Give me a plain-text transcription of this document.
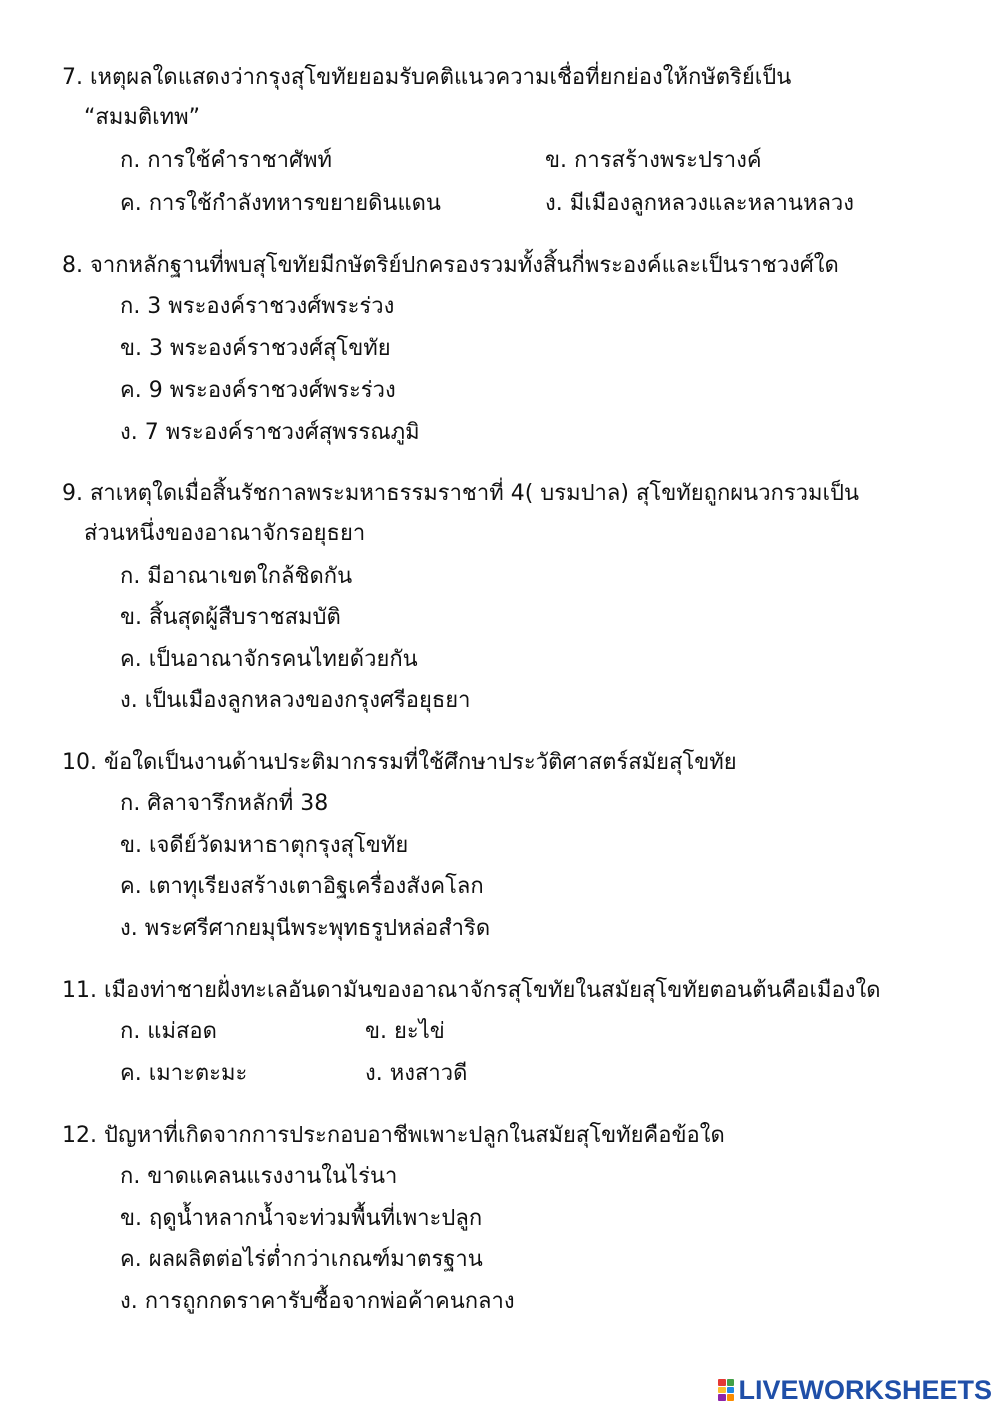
7. เหตุผลใดแสดงว่ากรุงสุโขทัยยอมรับคติแนวความเชื่อที่ยกย่องให้กษัตริย์เป็น
“สมมติเทพ”
ก. การใช้คำราชาศัพท์	ข. การสร้างพระปรางค์
ค. การใช้กำลังทหารขยายดินแดน	ง. มีเมืองลูกหลวงและหลานหลวง
8. จากหลักฐานที่พบสุโขทัยมีกษัตริย์ปกครองรวมทั้งสิ้นกี่พระองค์และเป็นราชวงศ์ใด
ก. 3 พระองค์ราชวงศ์พระร่วง
ข. 3 พระองค์ราชวงศ์สุโขทัย
ค. 9 พระองค์ราชวงศ์พระร่วง
ง. 7 พระองค์ราชวงศ์สุพรรณภูมิ
9. สาเหตุใดเมื่อสิ้นรัชกาลพระมหาธรรมราชาที่ 4( บรมปาล) สุโขทัยถูกผนวกรวมเป็น
ส่วนหนึ่งของอาณาจักรอยุธยา
ก. มีอาณาเขตใกล้ชิดกัน
ข. สิ้นสุดผู้สืบราชสมบัติ
ค. เป็นอาณาจักรคนไทยด้วยกัน
ง. เป็นเมืองลูกหลวงของกรุงศรีอยุธยา
10. ข้อใดเป็นงานด้านประติมากรรมที่ใช้ศึกษาประวัติศาสตร์สมัยสุโขทัย
ก. ศิลาจารึกหลักที่ 38
ข. เจดีย์วัดมหาธาตุกรุงสุโขทัย
ค. เตาทุเรียงสร้างเตาอิฐเครื่องสังคโลก
ง. พระศรีศากยมุนีพระพุทธรูปหล่อสำริด
11. เมืองท่าชายฝั่งทะเลอันดามันของอาณาจักรสุโขทัยในสมัยสุโขทัยตอนต้นคือเมืองใด
ก. แม่สอด	ข. ยะไข่
ค. เมาะตะมะ	ง. หงสาวดี
12. ปัญหาที่เกิดจากการประกอบอาชีพเพาะปลูกในสมัยสุโขทัยคือข้อใด
ก. ขาดแคลนแรงงานในไร่นา
ข. ฤดูน้ำหลากน้ำจะท่วมพื้นที่เพาะปลูก
ค. ผลผลิตต่อไร่ต่ำกว่าเกณฑ์มาตรฐาน
ง. การถูกกดราคารับซื้อจากพ่อค้าคนกลาง
LIVEWORKSHEETS
